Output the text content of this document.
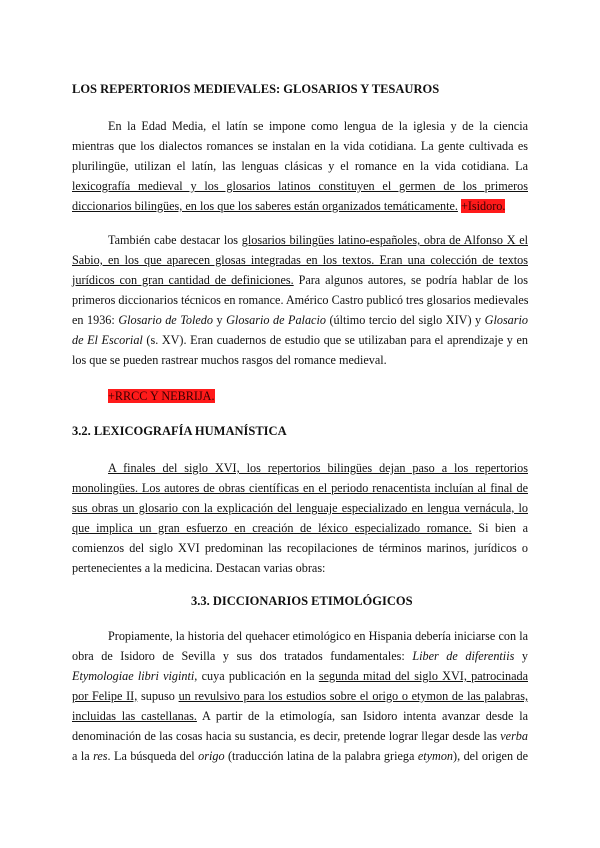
LOS REPERTORIOS MEDIEVALES: GLOSARIOS Y TESAUROS
En la Edad Media, el latín se impone como lengua de la iglesia y de la ciencia
mientras que los dialectos romances se instalan en la vida cotidiana. La gente cultivada es
plurilingüe, utilizan el latín, las lenguas clásicas y el romance en la vida cotidiana. La
lexicografía medieval y los glosarios latinos constituyen el germen de los primeros
diccionarios bilingües, en los que los saberes están organizados temáticamente. +Isidoro.
También cabe destacar los glosarios bilingües latino-españoles, obra de Alfonso X el
Sabio, en los que aparecen glosas integradas en los textos. Eran una colección de textos
jurídicos con gran cantidad de definiciones. Para algunos autores, se podría hablar de los
primeros diccionarios técnicos en romance. Américo Castro publicó tres glosarios medievales
en 1936: Glosario de Toledo y Glosario de Palacio (último tercio del siglo XIV) y Glosario
de El Escorial (s. XV). Eran cuadernos de estudio que se utilizaban para el aprendizaje y en
los que se pueden rastrear muchos rasgos del romance medieval.
+RRCC Y NEBRIJA.
3.2. LEXICOGRAFÍA HUMANÍSTICA
A finales del siglo XVI, los repertorios bilingües dejan paso a los repertorios
monolingües. Los autores de obras científicas en el periodo renacentista incluían al final de
sus obras un glosario con la explicación del lenguaje especializado en lengua vernácula, lo
que implica un gran esfuerzo en creación de léxico especializado romance. Si bien a
comienzos del siglo XVI predominan las recopilaciones de términos marinos, jurídicos o
pertenecientes a la medicina. Destacan varias obras:
3.3. DICCIONARIOS ETIMOLÓGICOS
Propiamente, la historia del quehacer etimológico en Hispania debería iniciarse con la
obra de Isidoro de Sevilla y sus dos tratados fundamentales: Liber de diferentiis y
Etymologiae libri viginti, cuya publicación en la segunda mitad del siglo XVI, patrocinada
por Felipe II, supuso un revulsivo para los estudios sobre el origo o etymon de las palabras,
incluidas las castellanas. A partir de la etimología, san Isidoro intenta avanzar desde la
denominación de las cosas hacia su sustancia, es decir, pretende lograr llegar desde las verba
a la res. La búsqueda del origo (traducción latina de la palabra griega etymon), del origen de
